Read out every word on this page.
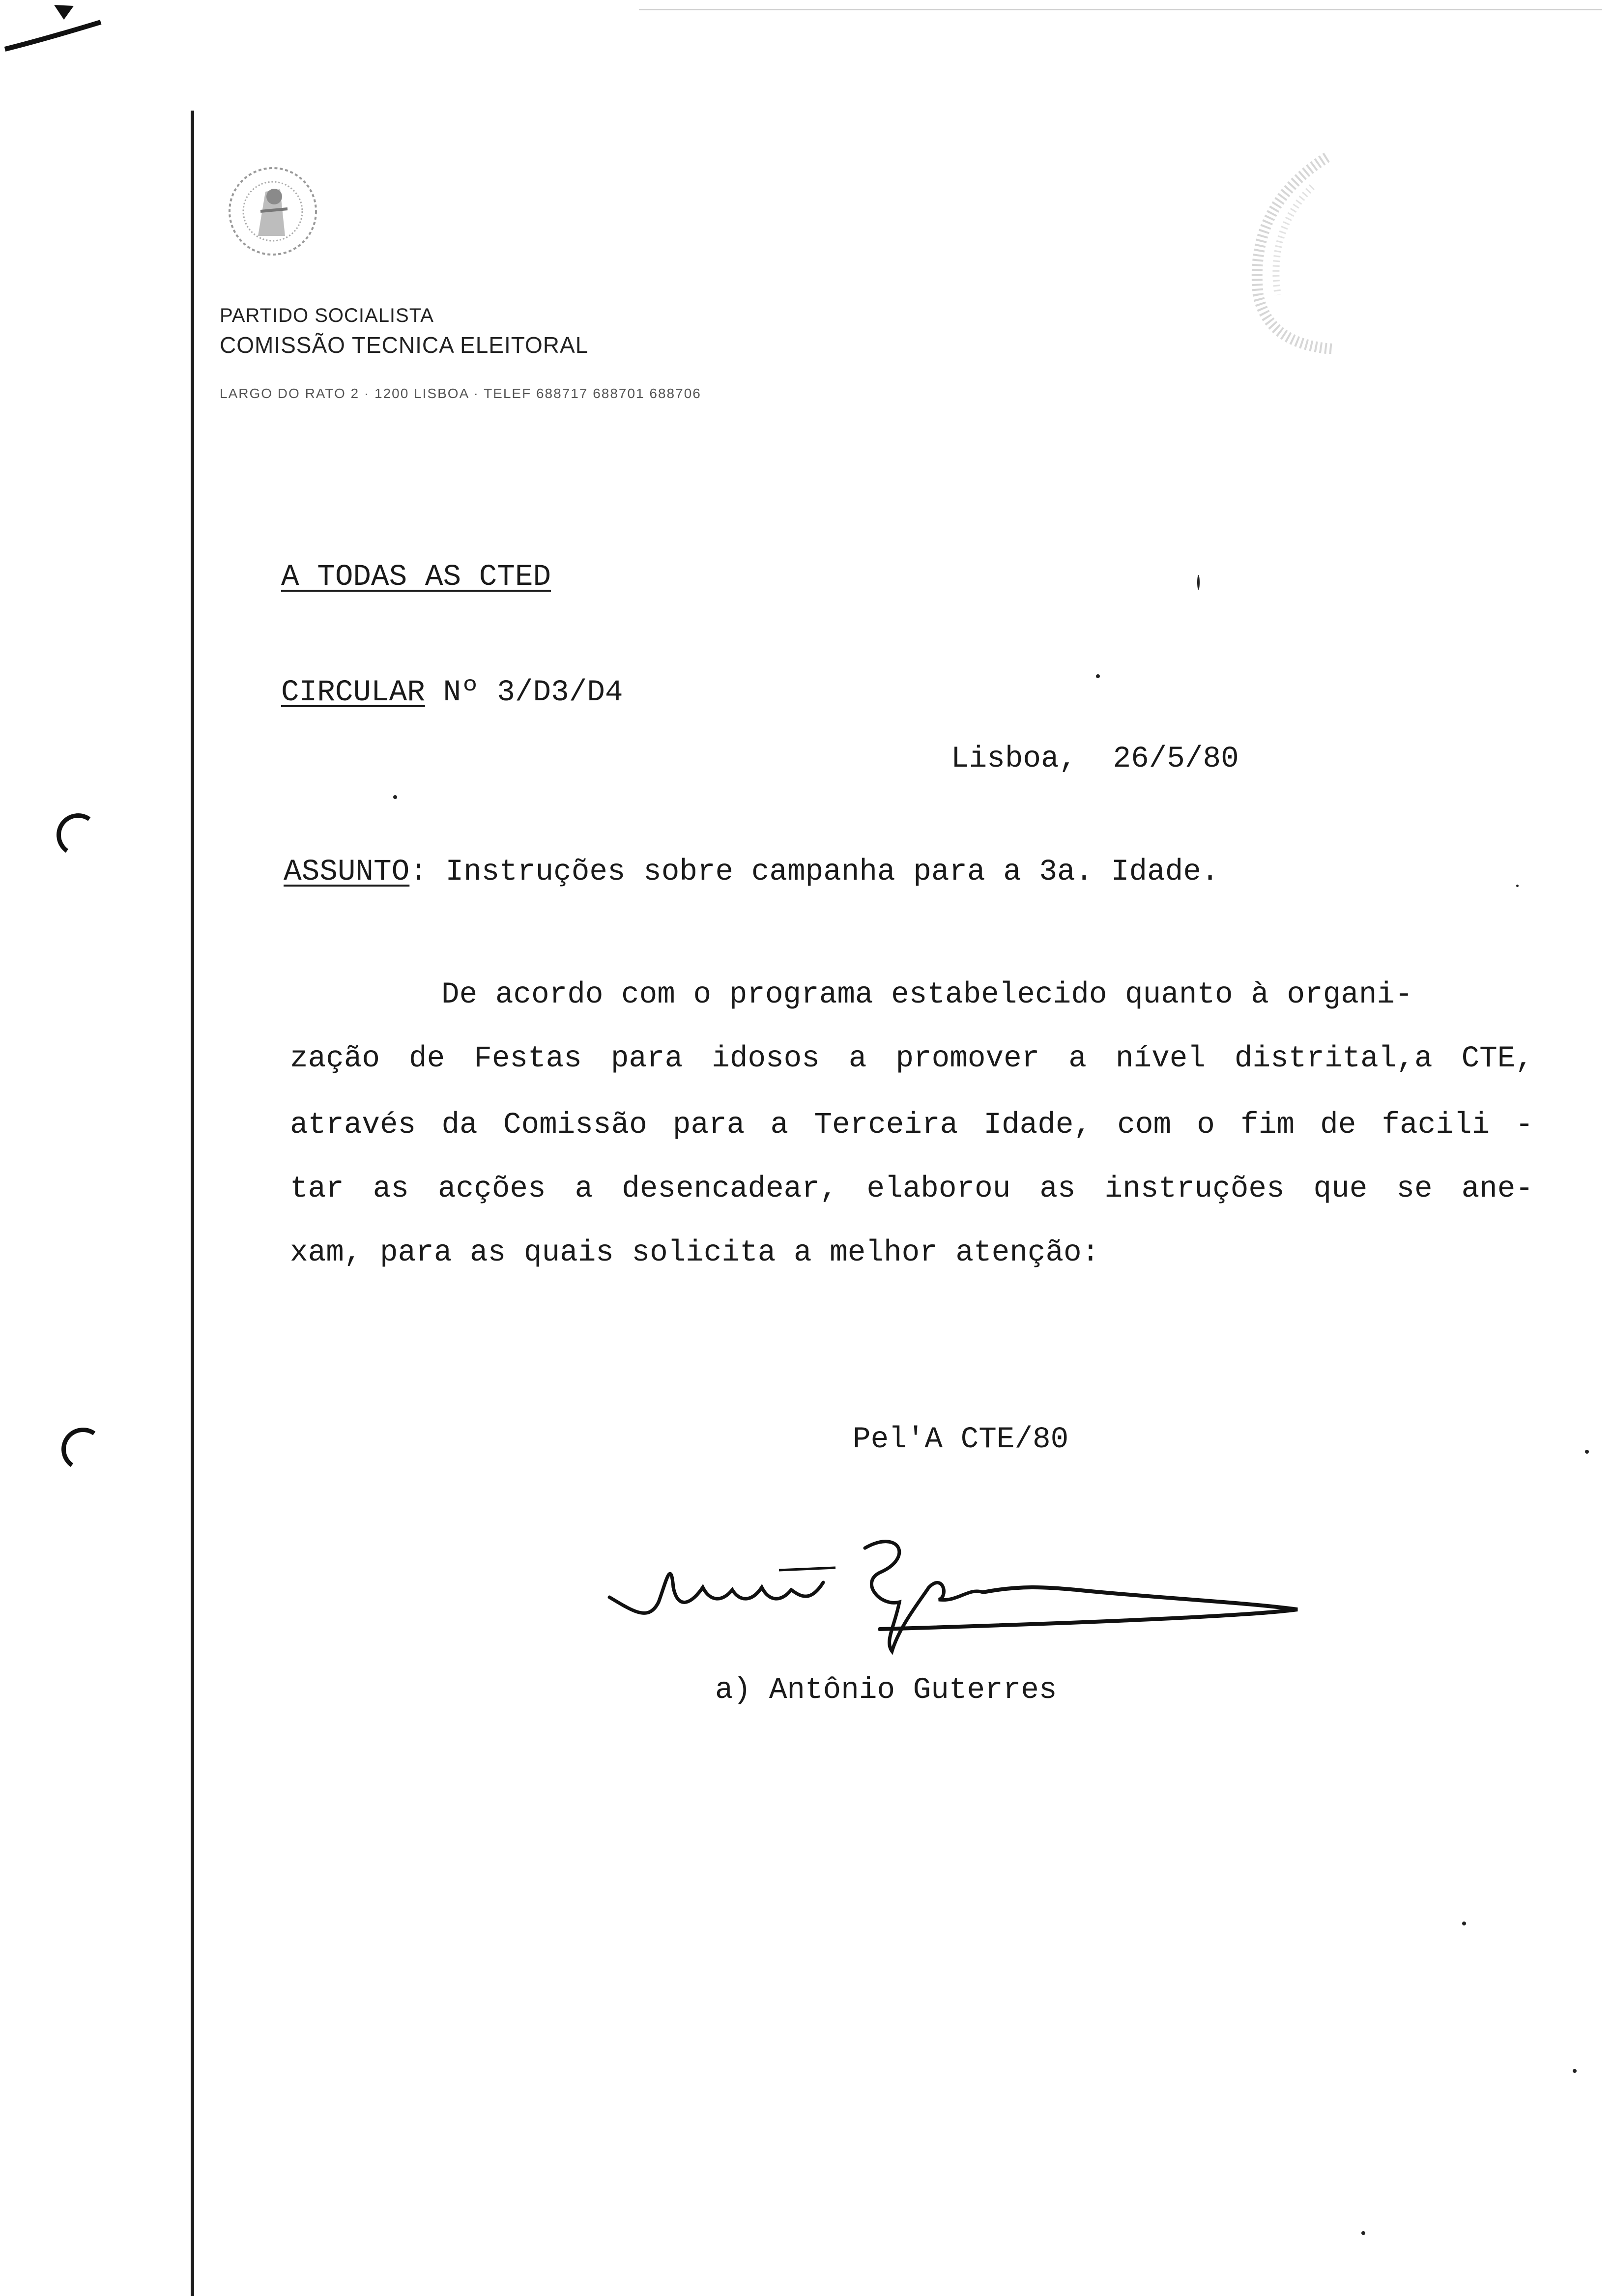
PARTIDO SOCIALISTA
COMISSÃO TECNICA ELEITORAL
LARGO DO RATO 2 · 1200 LISBOA · TELEF 688717 688701 688706
A TODAS AS CTED
CIRCULAR Nº 3/D3/D4
Lisboa, 26/5/80
ASSUNTO: Instruções sobre campanha para a 3a. Idade.
De acordo com o programa estabelecido quanto à organi-
zação de Festas para idosos a promover a nível distrital,a CTE,
através da Comissão para a Terceira Idade, com o fim de facili -
tar as acções a desencadear, elaborou as instruções que se ane-
xam, para as quais solicita a melhor atenção:
Pel'A CTE/80
a) Antônio Guterres
